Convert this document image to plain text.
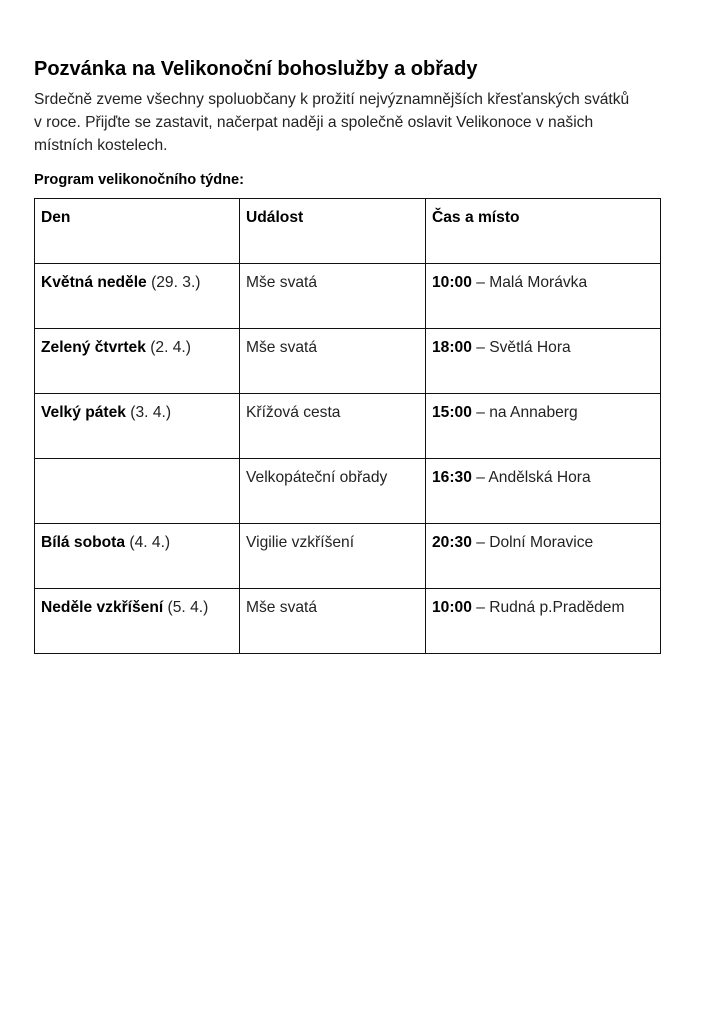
Pozvánka na Velikonoční bohoslužby a obřady

Srdečně zveme všechny spoluobčany k prožití nejvýznamnějších křesťanských svátků
v roce. Přijďte se zastavit, načerpat naději a společně oslavit Velikonoce v našich
místních kostelech.

Program velikonočního týdne:

Den	Událost	Čas a místo
Květná neděle (29. 3.)	Mše svatá	10:00 – Malá Morávka
Zelený čtvrtek (2. 4.)	Mše svatá	18:00 – Světlá Hora
Velký pátek (3. 4.)	Křížová cesta	15:00 – na Annaberg
	Velkopáteční obřady	16:30 – Andělská Hora
Bílá sobota (4. 4.)	Vigilie vzkříšení	20:30 – Dolní Moravice
Neděle vzkříšení (5. 4.)	Mše svatá	10:00 – Rudná p.Pradědem
